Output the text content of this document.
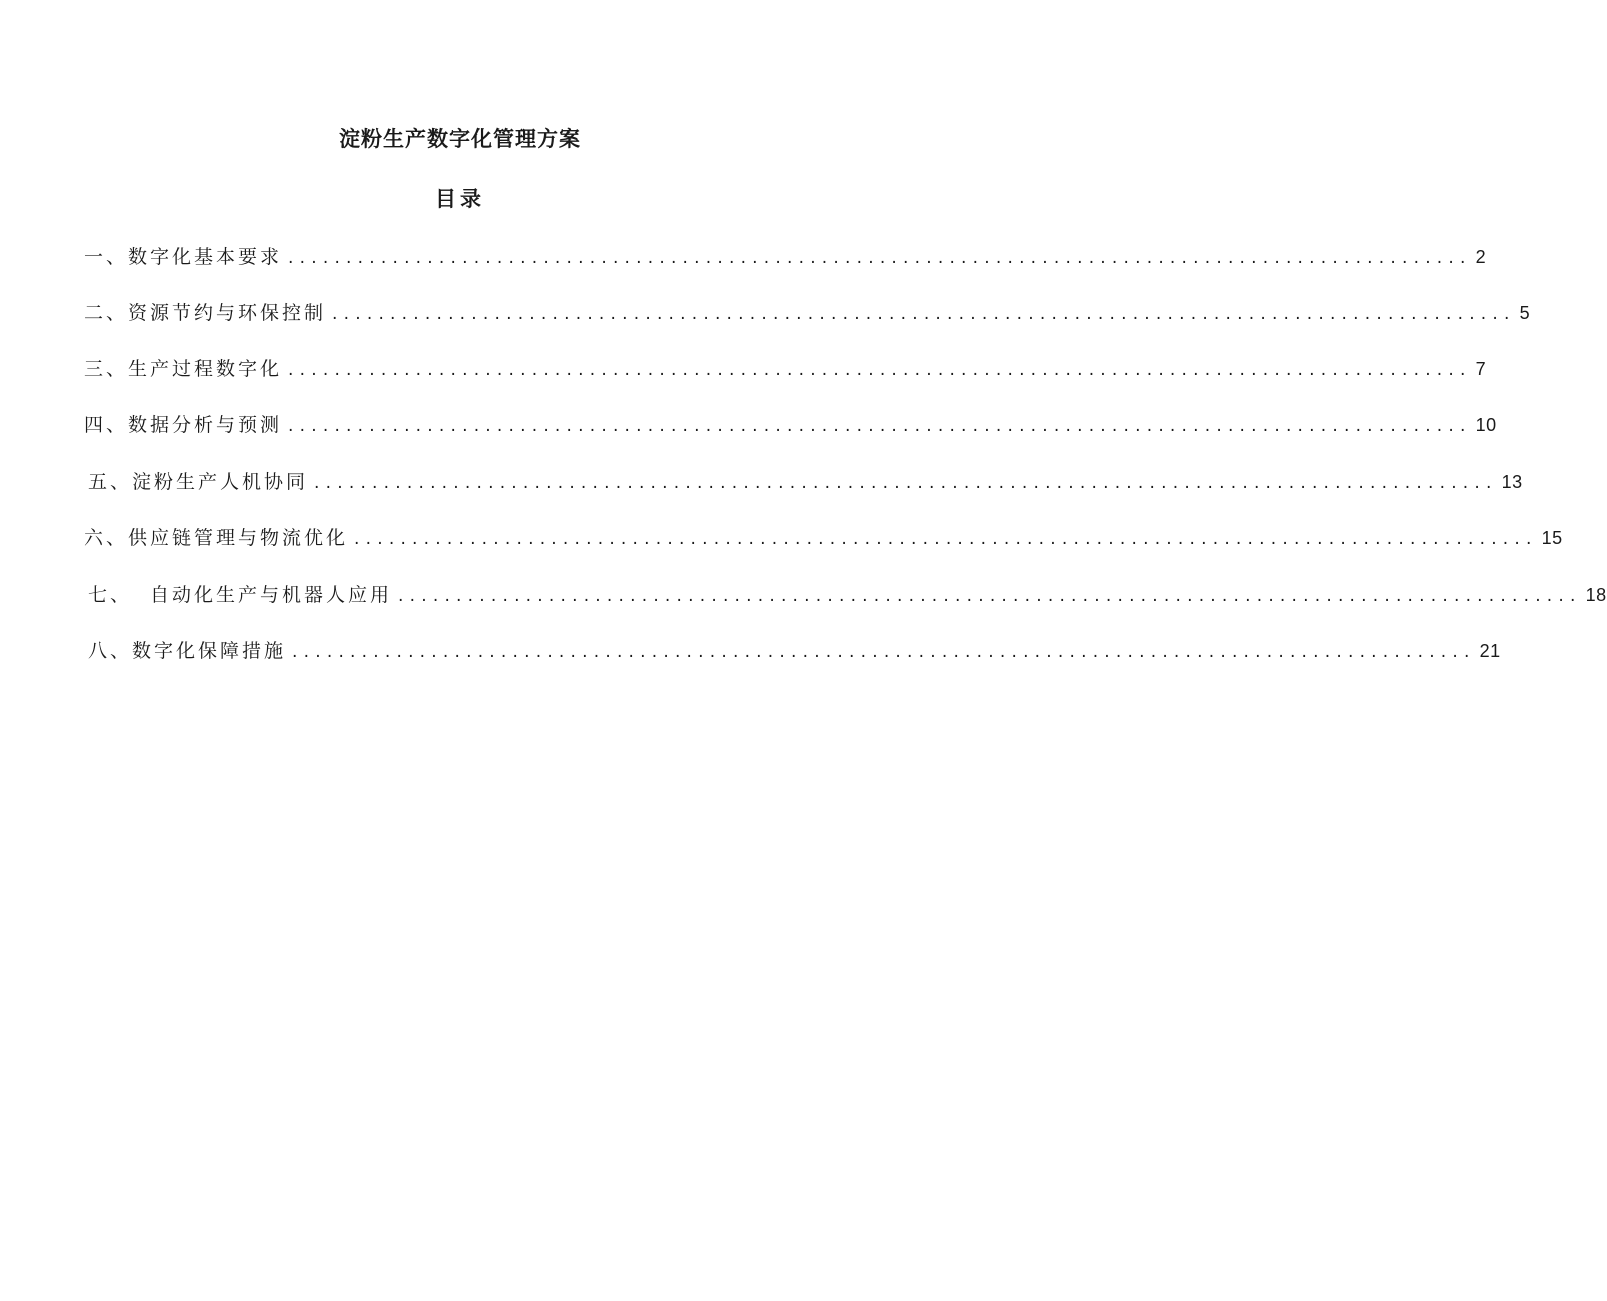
淀粉生产数字化管理方案
目录
一、 数字化基本要求 ...................................................................................................... 2
二、 资源节约与环保控制 ...................................................................................................... 5
三、 生产过程数字化 ...................................................................................................... 7
四、 数据分析与预测 ...................................................................................................... 10
五、 淀粉生产人机协同 ...................................................................................................... 13
六、 供应链管理与物流优化 ...................................................................................................... 15
七、 自动化生产与机器人应用 ...................................................................................................... 18
八、 数字化保障措施 ...................................................................................................... 21
